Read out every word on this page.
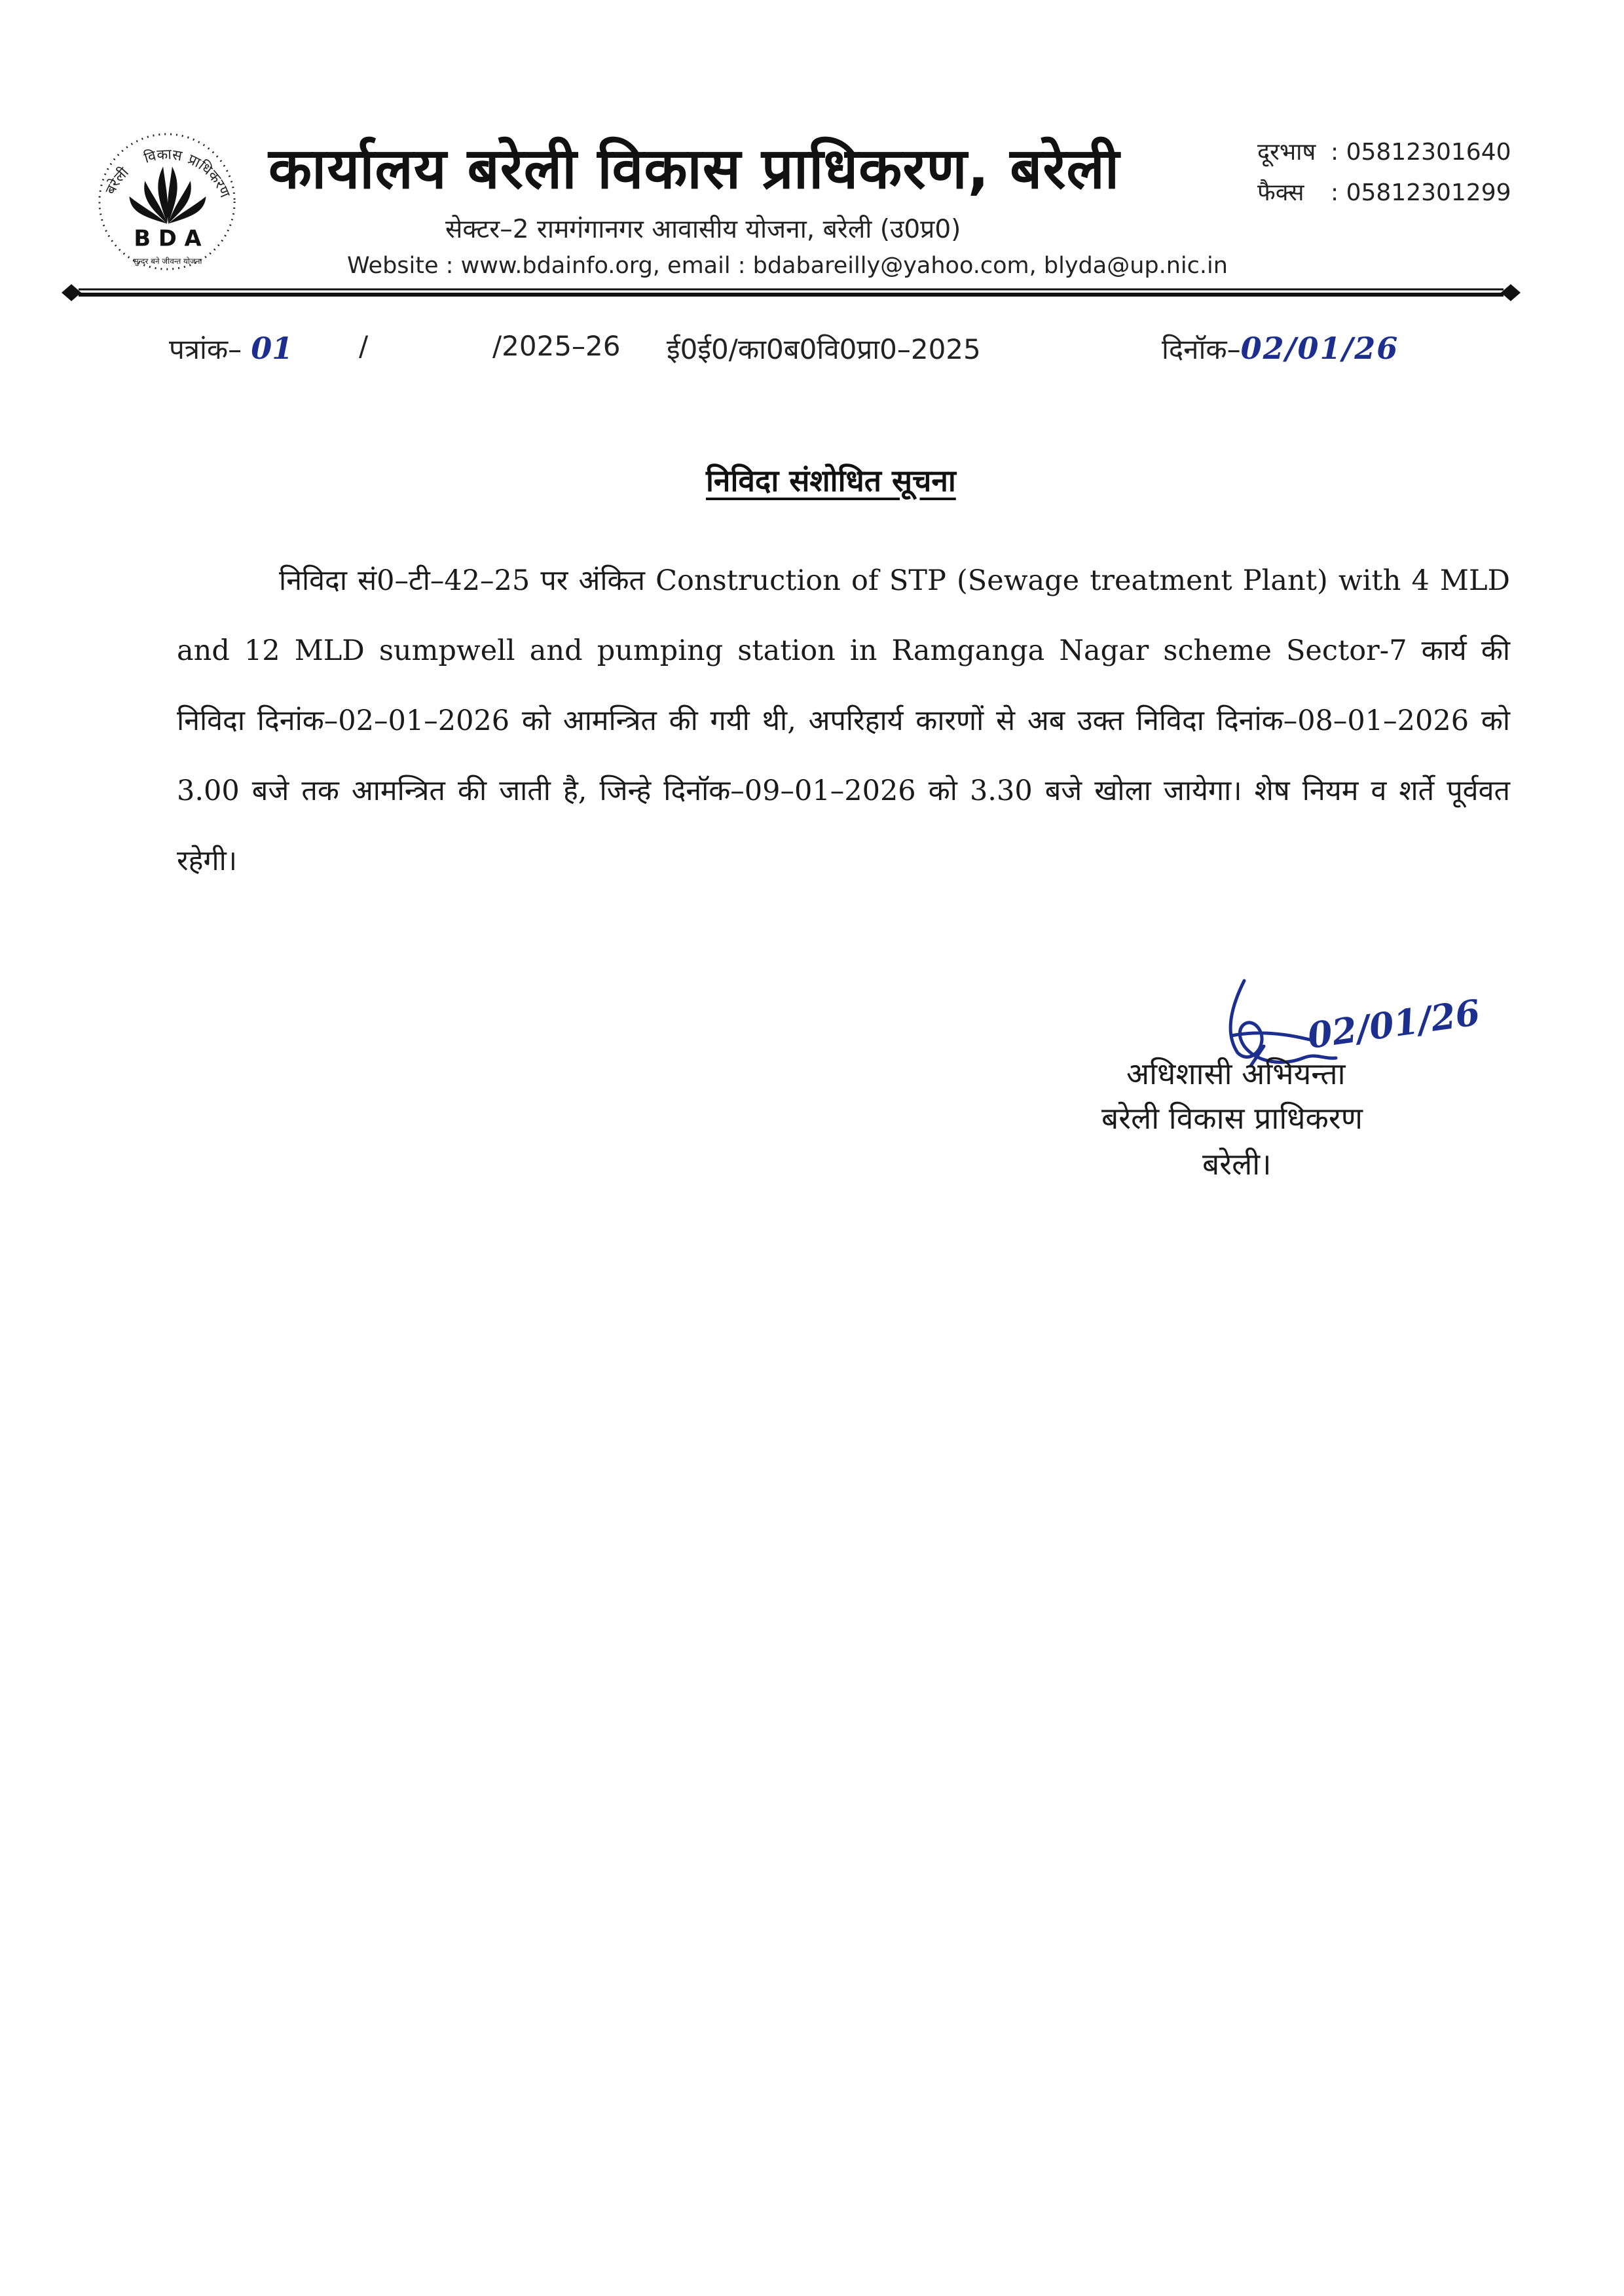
बरेली
विकास प्राधिकरण
B D A
सुन्दर बने जीवन्त योजना
कार्यालय बरेली विकास प्राधिकरण, बरेली
सेक्टर–2 रामगंगानगर आवासीय योजना, बरेली (उ0प्र0)
Website : www.bdainfo.org, email : bdabareilly@yahoo.com, blyda@up.nic.in
दूरभाष : 05812301640
फैक्स : 05812301299
पत्रांक– 01 /	/2025–26 ई0ई0/का0ब0वि0प्रा0–2025	दिनॉक–02/01/26
निविदा संशोधित सूचना
निविदा सं0–टी–42–25 पर अंकित Construction of STP (Sewage treatment Plant) with 4 MLD and 12 MLD sumpwell and pumping station in Ramganga Nagar scheme Sector-7 कार्य की निविदा दिनांक–02–01–2026 को आमन्त्रित की गयी थी, अपरिहार्य कारणों से अब उक्त निविदा दिनांक–08–01–2026 को 3.00 बजे तक आमन्त्रित की जाती है, जिन्हे दिनॉक–09–01–2026 को 3.30 बजे खोला जायेगा। शेष नियम व शर्ते पूर्ववत रहेगी।
02/01/26
अधिशासी अभियन्ता
बरेली विकास प्राधिकरण
बरेली।
